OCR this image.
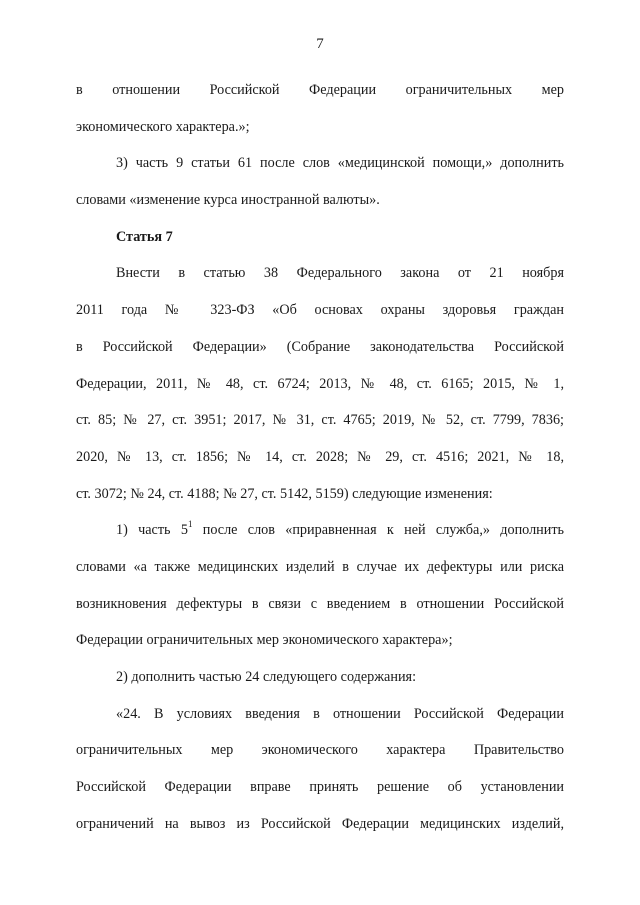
7
в отношении Российской Федерации ограничительных мер
экономического характера.»;
3) часть 9 статьи 61 после слов «медицинской помощи,» дополнить
словами «изменение курса иностранной валюты».
Статья 7
Внести в статью 38 Федерального закона от 21 ноября
2011 года № 323-ФЗ «Об основах охраны здоровья граждан
в Российской Федерации» (Собрание законодательства Российской
Федерации, 2011, № 48, ст. 6724; 2013, № 48, ст. 6165; 2015, № 1,
ст. 85; № 27, ст. 3951; 2017, № 31, ст. 4765; 2019, № 52, ст. 7799, 7836;
2020, № 13, ст. 1856; № 14, ст. 2028; № 29, ст. 4516; 2021, № 18,
ст. 3072; № 24, ст. 4188; № 27, ст. 5142, 5159) следующие изменения:
1) часть $5^1$ после слов «приравненная к ней служба,» дополнить
словами «а также медицинских изделий в случае их дефектуры или риска
возникновения дефектуры в связи с введением в отношении Российской
Федерации ограничительных мер экономического характера»;
2) дополнить частью 24 следующего содержания:
«24. В условиях введения в отношении Российской Федерации
ограничительных мер экономического характера Правительство
Российской Федерации вправе принять решение об установлении
ограничений на вывоз из Российской Федерации медицинских изделий,
